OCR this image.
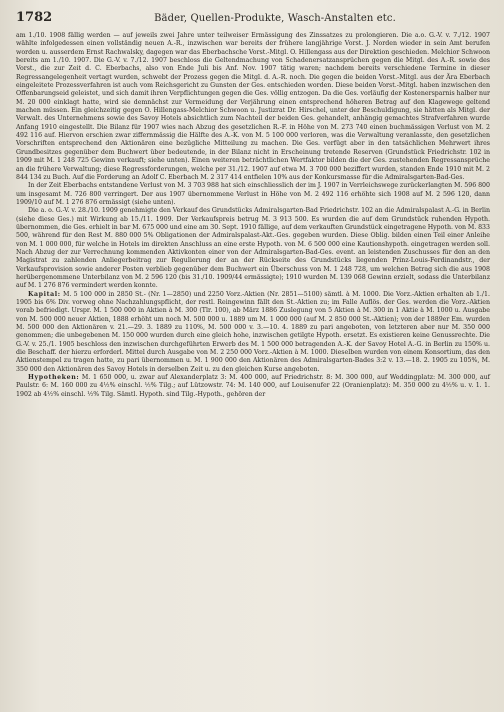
1782	Bäder, Quellen-Produkte, Wasch-Anstalten etc.

am 1./10. 1908 fällig werden — auf jeweils zwei Jahre unter teilweiser Ermässigung des Zinssatzes zu prolongieren. Die a.o. G.-V. v. 7./12. 1907 wählte infolgedessen einen vollständig neuen A.-R., inzwischen war bereits der frühere langjährige Vorst. J. Norden wieder in sein Amt berufen worden u. ausserdem Ernst Rachwalsky, dagegen war das Eberbachsche Vorst.-Mitgl. O. Hillengass aus der Direktion geschieden. Melchior Schwoon bereits am 1./10. 1907. Die G.-V. v. 7./12. 1907 beschloss die Geltendmachung von Schadenersatzansprüchen gegen die Mitgl. des A.-R. sowie des Vorst., die zur Zeit d. C. Eberbachs, also von Ende Juli bis Anf. Nov. 1907 tätig waren; nachdem bereits verschiedene Termine in dieser Regressangelegenheit vertagt wurden, schwebt der Prozess gegen die Mitgl. d. A.-R. noch. Die gegen die beiden Vorst.-Mitgl. aus der Ära Eberbach eingeleitete Prozessverfahren ist auch vom Reichsgericht zu Gunsten der Ges. entschieden worden. Diese beiden Vorst.-Mitgl. haben inzwischen den Offenbarungseid geleistet, und sich damit ihren Verpflichtungen gegen die Ges. völlig entzogen. Da die Ges. vorläufig der Kostenersparnis halber nur M. 20 000 einklagt hatte, wird sie demnächst zur Vermeidung der Verjährung einen entsprechend höheren Betrag auf den Klagewege geltend machen müssen. Ein gleichzeitig gegen O. Hillengass-Melchior Schwoon u. Justizrat Dr. Hirschel, unter der Beschuldigung, sie hätten als Mitgl. der Verwalt. des Unternehmens sowie des Savoy Hotels absichtlich zum Nachteil der beiden Ges. gehandelt, anhängig gemachtes Strafverfahren wurde Anfang 1910 eingestellt. Die Bilanz für 1907 wies nach Abzug des gesetzlichen R.-F. in Höhe von M. 273 740 einen buchmässigen Verlust von M. 2 492 116 auf. Hiervon erschien zwar ziffernmässig die Hälfte des A.-K. von M. 5 100 000 verloren, was die Verwaltung veranlasste, den gesetzlichen Vorschriften entsprechend den Aktionären eine bezügliche Mitteilung zu machen. Die Ges. verfügt aber in den tatsächlichen Mehrwert ihres Grundbesitzes gegenüber dem Buchwert über bedeutende, in der Bilanz nicht in Erscheinung tretende Reserven (Grundstück Friedrichstr. 102 in 1909 mit M. 1 248 725 Gewinn verkauft; siehe unten). Einen weiteren beträchtlichen Wertfaktor bilden die der Ges. zustehenden Regressansprüche an die frühere Verwaltung; diese Regressforderungen, welche per 31./12. 1907 auf etwa M. 3 700 000 beziffert wurden, standen Ende 1910 mit M. 2 844 134 zu Buch. Auf die Forderung an Adolf C. Eberbach M. 2 317 414 entfielen 10% aus der Konkursmasse für die Admiralsgarten-Bad-Ges.

In der Zeit Eberbachs entstandene Verlust von M. 3 703 988 hat sich einschliesslich der im J. 1907 in Verrleichswege zurückerlangten M. 596 800 um insgesamt M. 726 800 verringert. Der aus 1907 übernommene Verlust in Höhe von M. 2 492 116 erhöhte sich 1908 auf M. 2 596 120, dann 1909/10 auf M. 1 276 876 ermässigt (siehe unten).

Die a. o. G.-V. v. 28./10. 1909 genehmigte den Verkauf des Grundstücks Admiralsgarten-Bad Friedrichstr. 102 an die Admiralspalast A.-G. in Berlin (siehe diese Ges.) mit Wirkung ab 15./11. 1909. Der Verkaufspreis betrug M. 3 913 500. Es wurden die auf dem Grundstück ruhenden Hypoth. übernommen, die Ges. erhielt in bar M. 675 000 und eine am 30. Sept. 1910 fällige, auf dem verkauften Grundstück eingetragene Hypoth. von M. 833 500, während für den Rest M. 880 000 5% Obligationen der Admiralspalast-Akt.-Ges. gegeben wurden. Diese Oblig. bilden einen Teil einer Anleihe von M. 1 000 000, für welche in Hotels im direkten Anschluss an eine erste Hypoth. von M. 6 500 000 eine Kautionshypoth. eingetragen werden soll. Nach Abzug der zur Verrechnung kommenden Aktivkonten einer von der Admiralsgarten-Bad-Ges. event. an leistenden Zuschusses für den an den Magistrat zu zahlenden Anliegerbeitrag zur Regulierung der an der Rückseite des Grundstücks liegenden Prinz-Louis-Ferdinandstr., der Verkaufsprovision sowie anderer Posten verblieb gegenüber dem Buchwert ein Überschuss von M. 1 248 728, um welchen Betrag sich die aus 1908 herübergenommene Unterbilanz von M. 2 596 120 (bis 31./10. 1909/44 ermässigte); 1910 wurden M. 139 068 Gewinn erzielt, sodass die Unterbilanz auf M. 1 276 876 vermindert werden konnte.

Kapital: M. 5 100 000 in 2850 St.- (Nr. 1—2850) und 2250 Vorz.-Aktien (Nr. 2851—5100) sämtl. à M. 1000. Die Vorz.-Aktien erhalten ab 1./1. 1905 bis 6% Div. vorweg ohne Nachzahlungspflicht, der restl. Reingewinn fällt den St.-Aktien zu; im Falle Auflös. der Ges. werden die Vorz.-Aktien vorab befriedigt. Urspr. M. 1 500 000 in Aktien à M. 300 (Tlr. 100), ab März 1886 Zuslegung von 5 Aktien à M. 300 in 1 Aktie à M. 1000 u. Ausgabe von M. 500 000 neuer Aktien, 1888 erhöht um noch M. 500 000 u. 1889 um M. 1 000 000 (auf M. 2 850 000 St.-Aktien); von der 1889er Em. wurden M. 500 000 den Aktionären v. 21.—29. 3. 1889 zu 110%, M. 500 000 v. 3.—10. 4. 1889 zu pari angeboten, von letzteren aber nur M. 350 000 genommen; die unbegebenen M. 150 000 wurden durch eine gleich hohe, inzwischen getilgte Hypoth. ersetzt. Es existieren keine Genussrechte. Die G.-V. v. 25./1. 1905 beschloss den inzwischen durchgeführten Erwerb des M. 1 500 000 betragenden A.-K. der Savoy Hotel A.-G. in Berlin zu 150% u. die Beschaff. der hierzu erforderl. Mittel durch Ausgabe von M. 2 250 000 Vorz.-Aktien à M. 1000. Dieselben wurden von einem Konsortium, das den Aktienstempel zu tragen hatte, zu pari übernommen u. M. 1 900 000 den Aktionären des Admiralsgarten-Bades 3:2 v. 13.—18. 2. 1905 zu 105%, M. 350 000 den Aktionären des Savoy Hotels in derselben Zeit u. zu den gleichen Kurse angeboten.

Hypotheken: M. 1 650 000, u. zwar auf Alexanderplatz 3: M. 400 000, auf Friedrichstr. 8: M. 300 000, auf Weddingplatz: M. 300 000, auf Paulstr. 6: M. 160 000 zu 4½% einschl. ½% Tilg.; auf Lützowstr. 74: M. 140 000, auf Louisenufer 22 (Oranienplatz): M. 350 000 zu 4½% u. v. 1. 1. 1902 ab 4½% einschl. ½% Tilg. Sämtl. Hypoth. sind Tilg.-Hypoth., gehören der
